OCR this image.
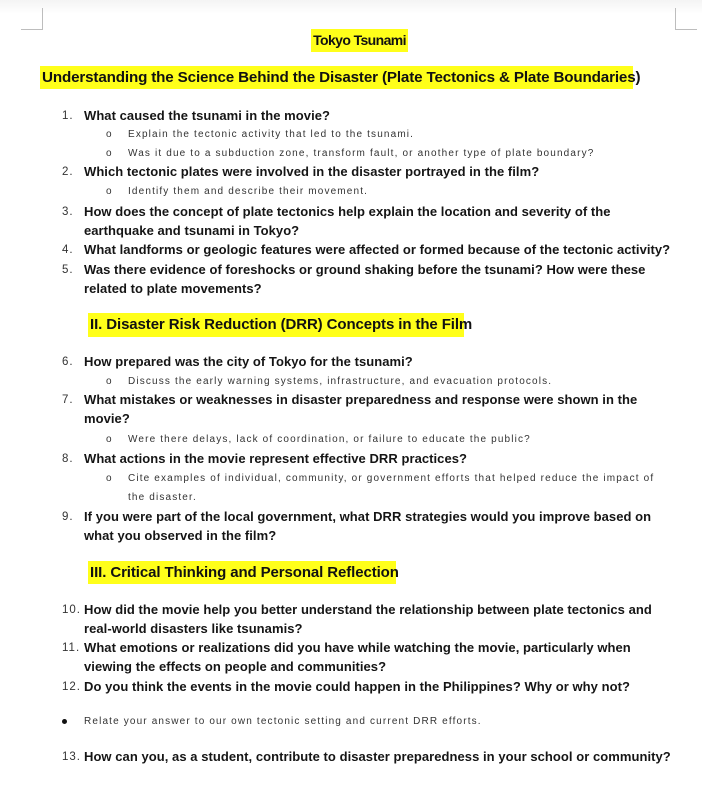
Tokyo Tsunami
Understanding the Science Behind the Disaster (Plate Tectonics & Plate Boundaries)
1. What caused the tsunami in the movie?
o Explain the tectonic activity that led to the tsunami.
o Was it due to a subduction zone, transform fault, or another type of plate boundary?
2. Which tectonic plates were involved in the disaster portrayed in the film?
o Identify them and describe their movement.
3. How does the concept of plate tectonics help explain the location and severity of the earthquake and tsunami in Tokyo?
4. What landforms or geologic features were affected or formed because of the tectonic activity?
5. Was there evidence of foreshocks or ground shaking before the tsunami? How were these related to plate movements?
II. Disaster Risk Reduction (DRR) Concepts in the Film
6. How prepared was the city of Tokyo for the tsunami?
o Discuss the early warning systems, infrastructure, and evacuation protocols.
7. What mistakes or weaknesses in disaster preparedness and response were shown in the movie?
o Were there delays, lack of coordination, or failure to educate the public?
8. What actions in the movie represent effective DRR practices?
o Cite examples of individual, community, or government efforts that helped reduce the impact of the disaster.
9. If you were part of the local government, what DRR strategies would you improve based on what you observed in the film?
III. Critical Thinking and Personal Reflection
10. How did the movie help you better understand the relationship between plate tectonics and real-world disasters like tsunamis?
11. What emotions or realizations did you have while watching the movie, particularly when viewing the effects on people and communities?
12. Do you think the events in the movie could happen in the Philippines? Why or why not?
Relate your answer to our own tectonic setting and current DRR efforts.
13. How can you, as a student, contribute to disaster preparedness in your school or community?
